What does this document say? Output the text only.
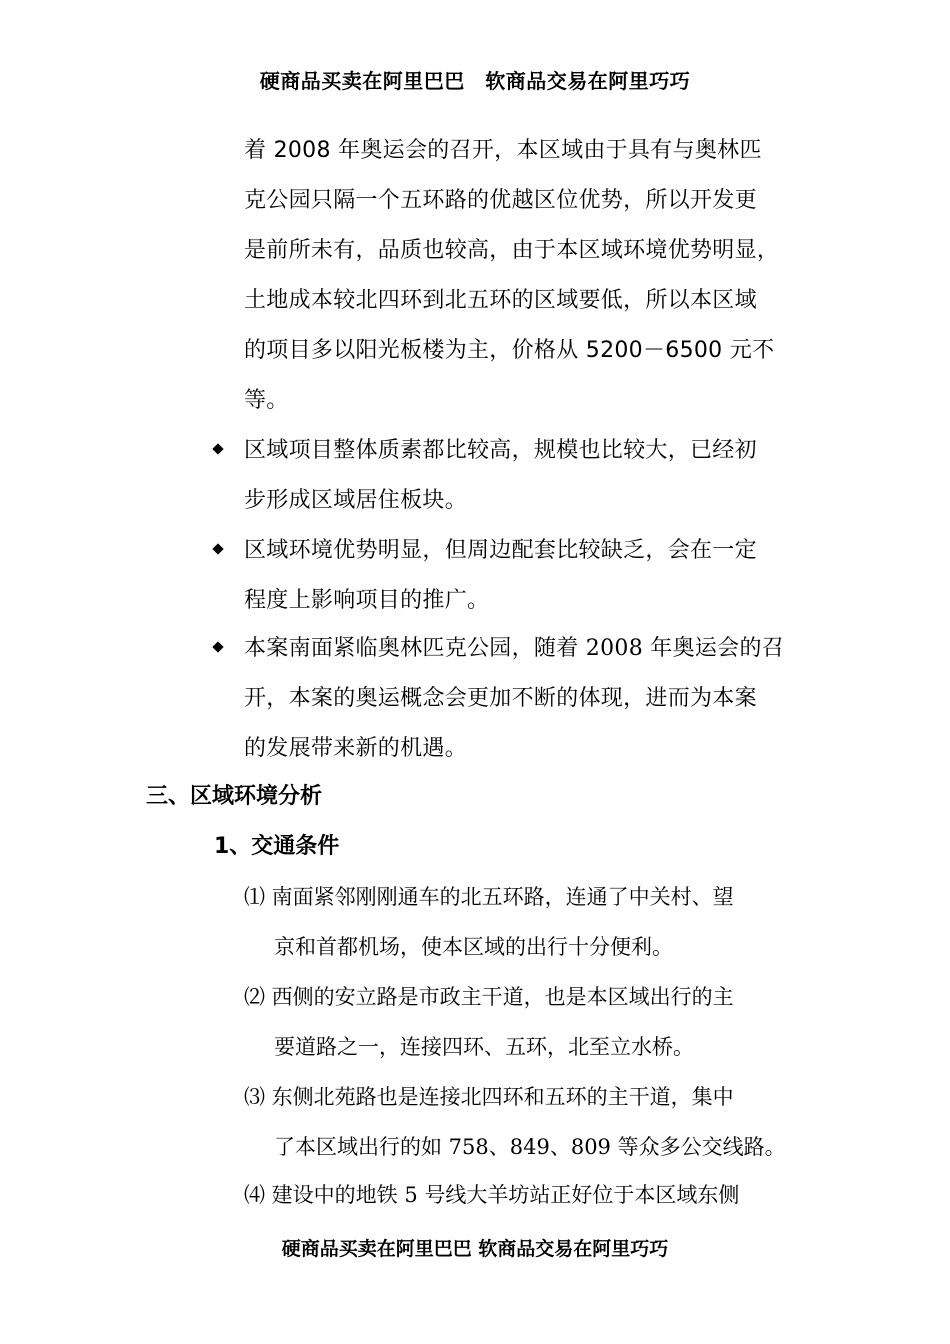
硬商品买卖在阿里巴巴　软商品交易在阿里巧巧
着 2008 年奥运会的召开，本区域由于具有与奥林匹
克公园只隔一个五环路的优越区位优势，所以开发更
是前所未有，品质也较高，由于本区域环境优势明显，
土地成本较北四环到北五环的区域要低，所以本区域
的项目多以阳光板楼为主，价格从 5200－6500 元不
等。
区域项目整体质素都比较高，规模也比较大，已经初
步形成区域居住板块。
区域环境优势明显，但周边配套比较缺乏，会在一定
程度上影响项目的推广。
本案南面紧临奥林匹克公园，随着 2008 年奥运会的召
开，本案的奥运概念会更加不断的体现，进而为本案
的发展带来新的机遇。
三、区域环境分析
1、交通条件
⑴ 南面紧邻刚刚通车的北五环路，连通了中关村、望
京和首都机场，使本区域的出行十分便利。
⑵ 西侧的安立路是市政主干道，也是本区域出行的主
要道路之一，连接四环、五环，北至立水桥。
⑶ 东侧北苑路也是连接北四环和五环的主干道，集中
了本区域出行的如 758、849、809 等众多公交线路。
⑷ 建设中的地铁 5 号线大羊坊站正好位于本区域东侧
硬商品买卖在阿里巴巴 软商品交易在阿里巧巧
